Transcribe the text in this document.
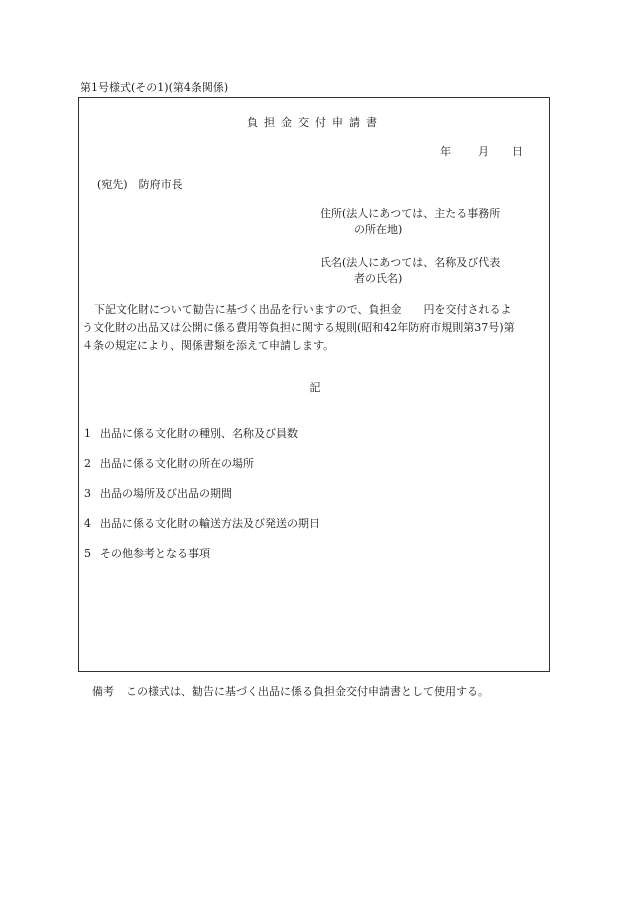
第1号様式(その1)(第4条関係)
負担金交付申請書
年 月 日
(宛先)　防府市長
住所(法人にあつては、主たる事務所
の所在地)
氏名(法人にあつては、名称及び代表
者の氏名)
下記文化財について勧告に基づく出品を行いますので、負担金　　円を交付されるよ
う文化財の出品又は公開に係る費用等負担に関する規則(昭和42年防府市規則第37号)第
４条の規定により、関係書類を添えて申請します。
記
1 出品に係る文化財の種別、名称及び員数
2 出品に係る文化財の所在の場所
3 出品の場所及び出品の期間
4 出品に係る文化財の輸送方法及び発送の期日
5 その他参考となる事項
備考 この様式は、勧告に基づく出品に係る負担金交付申請書として使用する。
